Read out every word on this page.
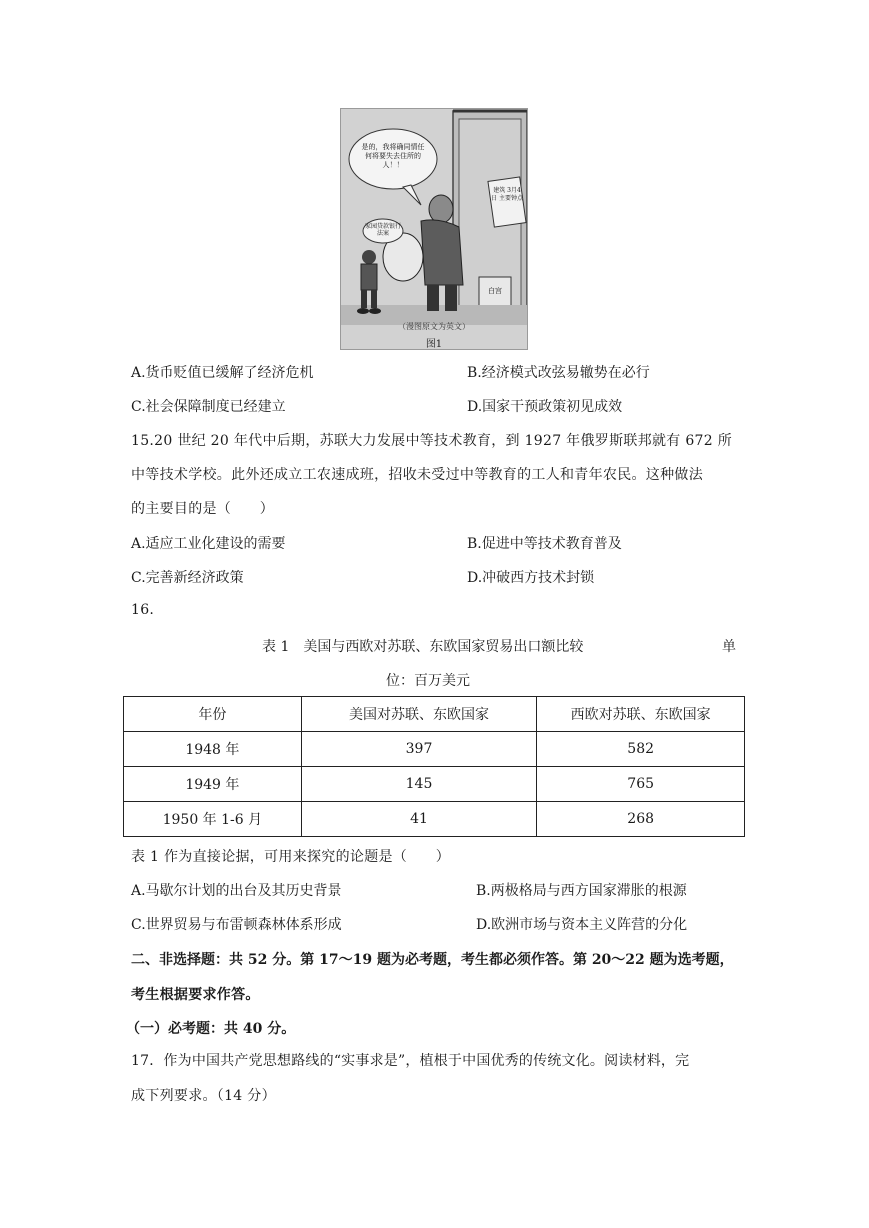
是的，我将确同情任何将要失去住所的人！！
家园贷款银行法案
建筑 3月4日 主要钟点
白宫
（漫图原文为英文）
图1
A.货币贬值已缓解了经济危机	B.经济模式改弦易辙势在必行
C.社会保障制度已经建立	D.国家干预政策初见成效
15.20 世纪 20 年代中后期，苏联大力发展中等技术教育，到 1927 年俄罗斯联邦就有 672 所
中等技术学校。此外还成立工农速成班，招收未受过中等教育的工人和青年农民。这种做法
的主要目的是（　　）
A.适应工业化建设的需要	B.促进中等技术教育普及
C.完善新经济政策	D.冲破西方技术封锁
16.
表 1　美国与西欧对苏联、东欧国家贸易出口额比较	单
位：百万美元
年份	美国对苏联、东欧国家	西欧对苏联、东欧国家
1948 年	397	582
1949 年	145	765
1950 年 1-6 月	41	268
表 1 作为直接论据，可用来探究的论题是（　　）
A.马歇尔计划的出台及其历史背景	B.两极格局与西方国家滞胀的根源
C.世界贸易与布雷顿森林体系形成	D.欧洲市场与资本主义阵营的分化
二、非选择题：共 52 分。第 17～19 题为必考题，考生都必须作答。第 20～22 题为选考题，
考生根据要求作答。
（一）必考题：共 40 分。
17．作为中国共产党思想路线的“实事求是”，植根于中国优秀的传统文化。阅读材料，完
成下列要求。（14 分）
